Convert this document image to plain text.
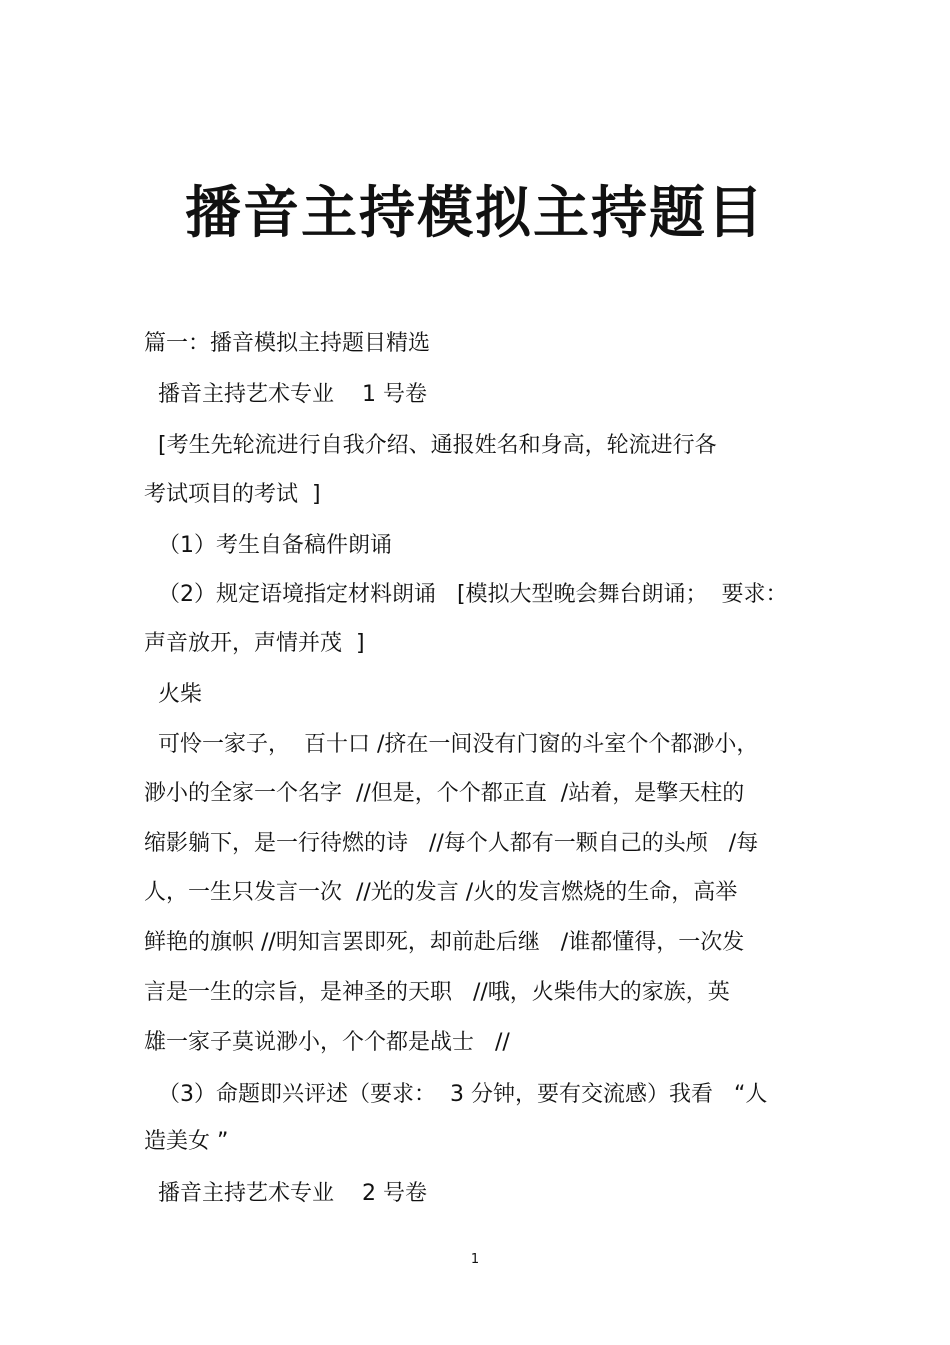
播音主持模拟主持题目

篇一：播音模拟主持题目精选

播音主持艺术专业    1 号卷

[考生先轮流进行自我介绍、通报姓名和身高，轮流进行各

考试项目的考试  ]

（1）考生自备稿件朗诵

（2）规定语境指定材料朗诵   [模拟大型晚会舞台朗诵；  要求：

声音放开，声情并茂  ]

火柴

可怜一家子，  百十口 /挤在一间没有门窗的斗室个个都渺小，

渺小的全家一个名字  //但是，个个都正直  /站着，是擎天柱的

缩影躺下，是一行待燃的诗   //每个人都有一颗自己的头颅   /每

人，一生只发言一次  //光的发言 /火的发言燃烧的生命，高举

鲜艳的旗帜 //明知言罢即死，却前赴后继   /谁都懂得，一次发

言是一生的宗旨，是神圣的天职   //哦，火柴伟大的家族，英

雄一家子莫说渺小，个个都是战士   //

（3）命题即兴评述（要求：  3 分钟，要有交流感）我看   “人

造美女 ”

播音主持艺术专业    2 号卷

1
